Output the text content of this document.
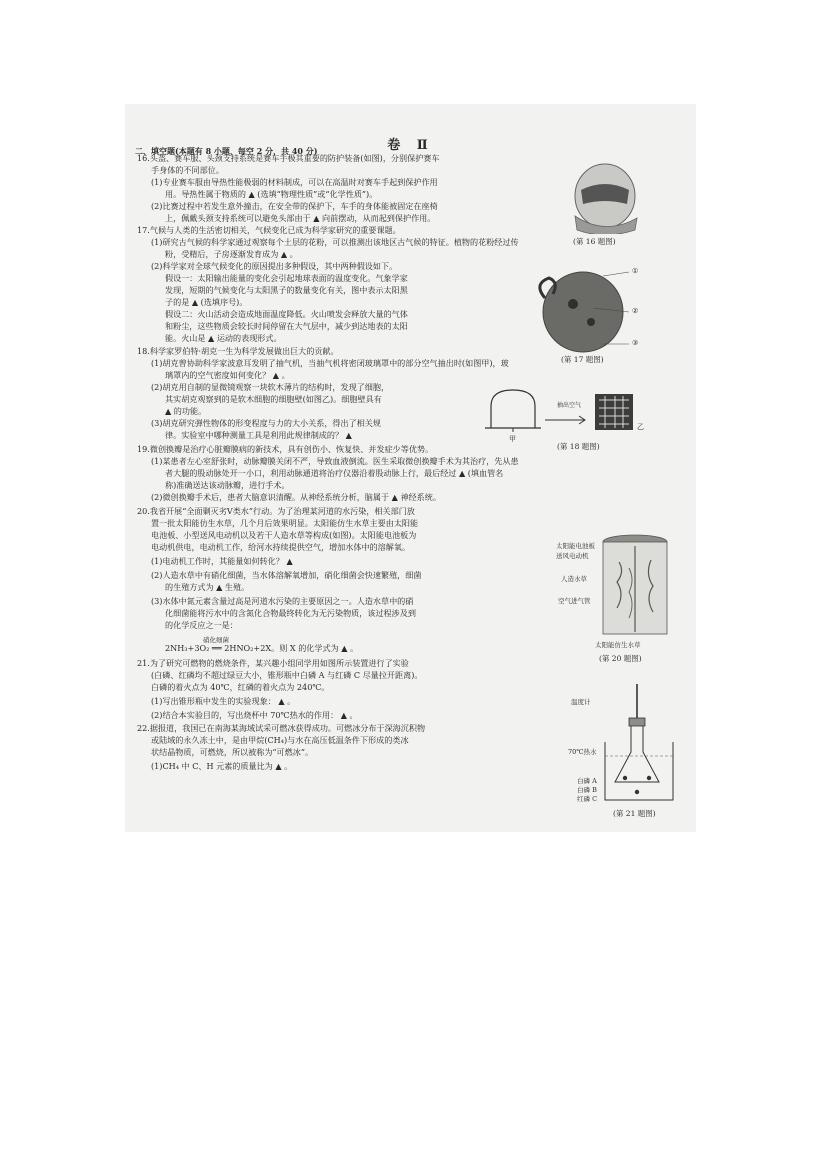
卷 Ⅱ
二、填空题(本题有 8 小题，每空 2 分，共 40 分)
16.头盔、赛车服、头颈支持系统是赛车手极其重要的防护装备(如图)，分别保护赛车
手身体的不同部位。
(1)专业赛车服由导热性能极弱的材料制成，可以在高温时对赛车手起到保护作用
用。导热性属于物质的 ▲ (选填“物理性质”或“化学性质”)。
(2)比赛过程中若发生意外撞击，在安全带的保护下，车手的身体能被固定在座椅
上，佩戴头颈支持系统可以避免头部由于 ▲ 向前摆动，从而起到保护作用。
17.气候与人类的生活密切相关，气候变化已成为科学家研究的重要课题。
(1)研究古气候的科学家通过观察每个土层的花粉，可以推测出该地区古气候的特征。植物的花粉经过传
粉，受精后，子房逐渐发育成为 ▲ 。
(2)科学家对全球气候变化的原因提出多种假设，其中两种假设如下。
假设一：太阳输出能量的变化会引起地球表面的温度变化。气象学家
发现，短期的气候变化与太阳黑子的数量变化有关，图中表示太阳黑
子的是 ▲ (选填序号)。
假设二：火山活动会造成地面温度降低。火山喷发会释放大量的气体
和粉尘，这些物质会较长时间停留在大气层中，减少到达地表的太阳
能。火山是 ▲ 运动的表现形式。
18.科学家罗伯特·胡克一生为科学发展做出巨大的贡献。
(1)胡克曾协助科学家波意耳发明了抽气机，当抽气机将密闭玻璃罩中的部分空气抽出时(如图甲)，玻
璃罩内的空气密度如何变化？ ▲ 。
(2)胡克用自制的显微镜观察一块软木薄片的结构时，发现了细胞，
其实胡克观察到的是软木细胞的细胞壁(如图乙)。细胞壁具有
▲ 的功能。
(3)胡克研究弹性物体的形变程度与力的大小关系，得出了相关规
律。实验室中哪种测量工具是利用此规律制成的？ ▲
19.微创换瓣是治疗心脏瓣膜病的新技术，具有创伤小、恢复快、并发症少等优势。
(1)某患者左心室舒张时，动脉瓣膜关闭不严，导致血液倒流。医生采取微创换瓣手术为其治疗，先从患
者大腿的股动脉处开一小口，利用动脉通道将治疗仪器沿着股动脉上行，最后经过 ▲ (填血管名
称)准确送达该动脉瓣，进行手术。
(2)微创换瓣手术后，患者大脑意识清醒。从神经系统分析，脑属于 ▲ 神经系统。
20.我省开展“全面剿灭劣Ⅴ类水”行动。为了治理某河道的水污染，相关部门放
置一批太阳能仿生水草，几个月后效果明显。太阳能仿生水草主要由太阳能
电池板、小型送风电动机以及若干人造水草等构成(如图)。太阳能电池板为
电动机供电，电动机工作，给河水持续提供空气，增加水体中的溶解氧。
(1)电动机工作时，其能量如何转化？ ▲
(2)人造水草中有硝化细菌，当水体溶解氧增加，硝化细菌会快速繁殖，细菌
的生殖方式为 ▲ 生殖。
(3)水体中氮元素含量过高是河道水污染的主要原因之一。人造水草中的硝
化细菌能将污水中的含氮化合物最终转化为无污染物质，该过程涉及到
的化学反应之一是：
硝化细菌
2NH₃+3O₂ ══ 2HNO₂+2X。则 X 的化学式为 ▲ 。
21.为了研究可燃物的燃烧条件，某兴趣小组同学用如图所示装置进行了实验
(白磷、红磷均不超过绿豆大小，锥形瓶中白磷 A 与红磷 C 尽量拉开距离)。
白磷的着火点为 40℃，红磷的着火点为 240℃。
(1)写出锥形瓶中发生的实验现象： ▲ 。
(2)结合本实验目的，写出烧杯中 70℃热水的作用： ▲ 。
22.据报道，我国已在南海某海域试采可燃冰获得成功。可燃冰分布于深海沉积物
或陆域的永久冻土中，是由甲烷(CH₄)与水在高压低温条件下形成的类冰
状结晶物质，可燃烧，所以被称为“可燃冰”。
(1)CH₄ 中 C、H 元素的质量比为 ▲ 。
(第 16 题图)
①
②
③
(第 17 题图)
甲
抽出空气
乙
(第 18 题图)
太阳能电池板
送风电动机
人造水草
空气进气管
太阳能仿生水草
(第 20 题图)
温度计
70℃热水
白磷 A
白磷 B
红磷 C
(第 21 题图)
